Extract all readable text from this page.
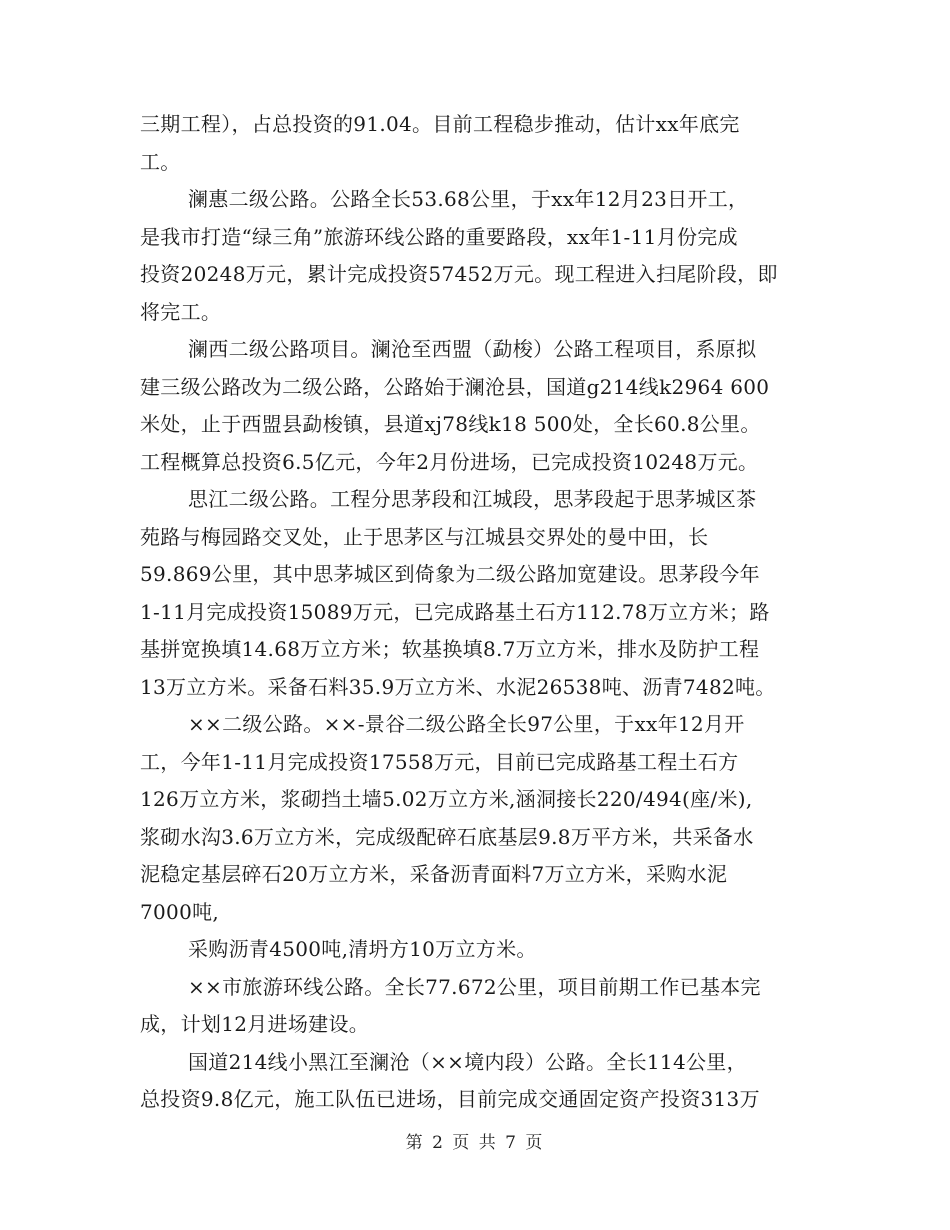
三期工程），占总投资的91.04。目前工程稳步推动，估计xx年底完
工。
澜惠二级公路。公路全长53.68公里，于xx年12月23日开工，
是我市打造“绿三角”旅游环线公路的重要路段，xx年1-11月份完成
投资20248万元，累计完成投资57452万元。现工程进入扫尾阶段，即
将完工。
澜西二级公路项目。澜沧至西盟（勐梭）公路工程项目，系原拟
建三级公路改为二级公路，公路始于澜沧县，国道g214线k2964 600
米处，止于西盟县勐梭镇，县道xj78线k18 500处，全长60.8公里。
工程概算总投资6.5亿元，今年2月份进场，已完成投资10248万元。
思江二级公路。工程分思茅段和江城段，思茅段起于思茅城区茶
苑路与梅园路交叉处，止于思茅区与江城县交界处的曼中田，长
59.869公里，其中思茅城区到倚象为二级公路加宽建设。思茅段今年
1-11月完成投资15089万元，已完成路基土石方112.78万立方米；路
基拼宽换填14.68万立方米；软基换填8.7万立方米，排水及防护工程
13万立方米。采备石料35.9万立方米、水泥26538吨、沥青7482吨。
××二级公路。××-景谷二级公路全长97公里，于xx年12月开
工，今年1-11月完成投资17558万元，目前已完成路基工程土石方
126万立方米，浆砌挡土墙5.02万立方米,涵洞接长220/494(座/米),
浆砌水沟3.6万立方米，完成级配碎石底基层9.8万平方米，共采备水
泥稳定基层碎石20万立方米，采备沥青面料7万立方米，采购水泥
7000吨,
采购沥青4500吨,清坍方10万立方米。
××市旅游环线公路。全长77.672公里，项目前期工作已基本完
成，计划12月进场建设。
国道214线小黑江至澜沧（××境内段）公路。全长114公里，
总投资9.8亿元，施工队伍已进场，目前完成交通固定资产投资313万
第 2 页 共 7 页
